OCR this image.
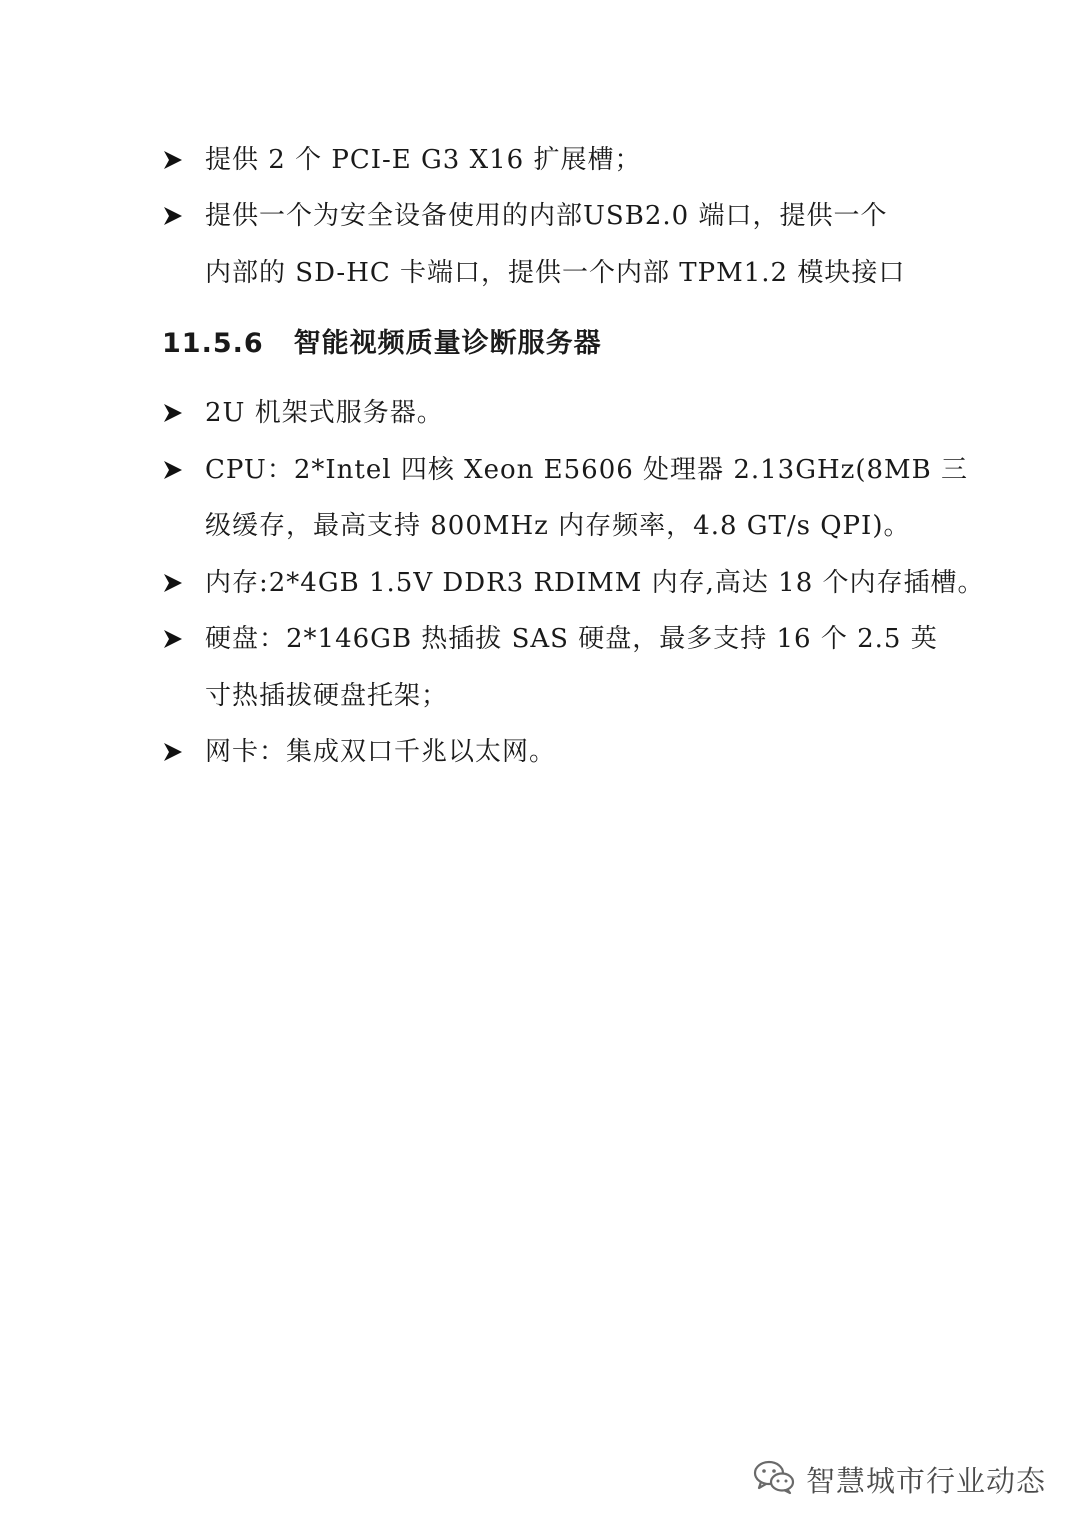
提供 2 个 PCI-E G3 X16 扩展槽；
提供一个为安全设备使用的内部USB2.0 端口，提供一个
内部的 SD-HC 卡端口，提供一个内部 TPM1.2 模块接口
11.5.6 智能视频质量诊断服务器
2U 机架式服务器。
CPU：2*Intel 四核 Xeon E5606 处理器 2.13GHz(8MB 三
级缓存，最高支持 800MHz 内存频率，4.8 GT/s QPI)。
内存:2*4GB 1.5V DDR3 RDIMM 内存,高达 18 个内存插槽。
硬盘：2*146GB 热插拔 SAS 硬盘，最多支持 16 个 2.5 英
寸热插拔硬盘托架；
网卡：集成双口千兆以太网。
智慧城市行业动态
